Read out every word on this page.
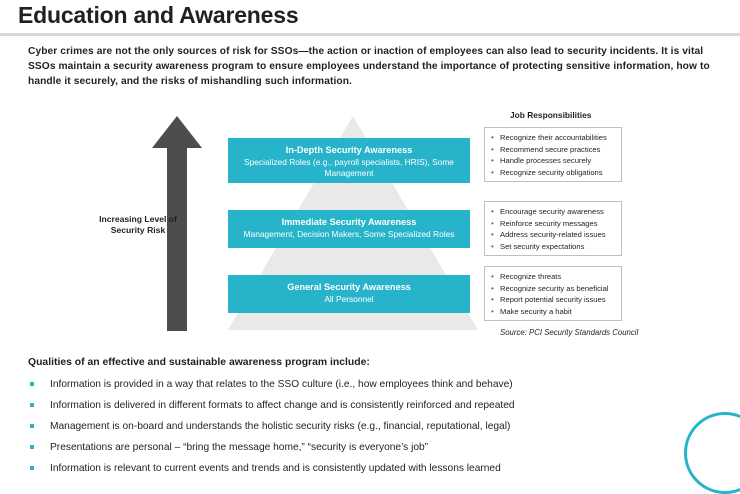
Education and Awareness
Cyber crimes are not the only sources of risk for SSOs—the action or inaction of employees can also lead to security incidents. It is vital SSOs maintain a security awareness program to ensure employees understand the importance of protecting sensitive information, how to handle it securely, and the risks of mishandling such information.
Increasing Level of Security Risk
In-Depth Security Awareness
Specialized Roles (e.g., payroll specialists, HRIS), Some Management
Immediate Security Awareness
Management, Decision Makers, Some Specialized Roles
General Security Awareness
All Personnel
Job Responsibilities
• Recognize their accountabilities
• Recommend secure practices
• Handle processes securely
• Recognize security obligations
• Encourage security awareness
• Reinforce security messages
• Address security-related issues
• Set security expectations
• Recognize threats
• Recognize security as beneficial
• Report potential security issues
• Make security a habit
Source: PCI Security Standards Council
Qualities of an effective and sustainable awareness program include:
Information is provided in a way that relates to the SSO culture (i.e., how employees think and behave)
Information is delivered in different formats to affect change and is consistently reinforced and repeated
Management is on-board and understands the holistic security risks (e.g., financial, reputational, legal)
Presentations are personal – “bring the message home,” “security is everyone’s job”
Information is relevant to current events and trends and is consistently updated with lessons learned
